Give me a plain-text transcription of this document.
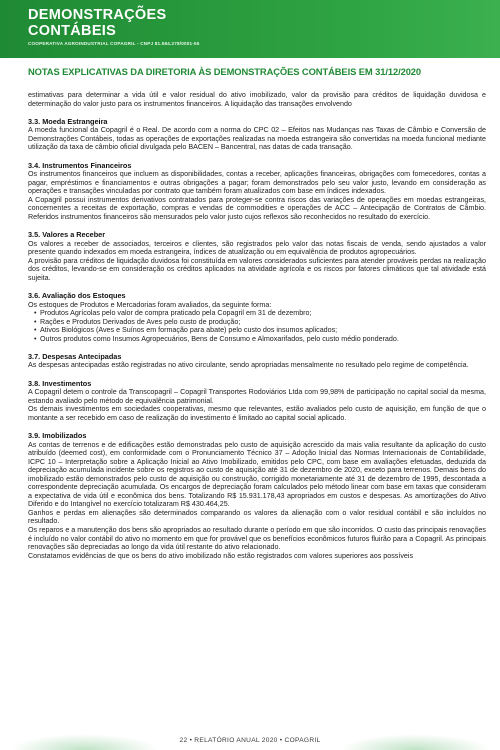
DEMONSTRAÇÕES
CONTÁBEIS
COOPERATIVA AGROINDUSTRIAL COPAGRIL - CNPJ 81.584.278/0001-55
NOTAS EXPLICATIVAS DA DIRETORIA ÀS DEMONSTRAÇÕES CONTÁBEIS EM 31/12/2020

estimativas para determinar a vida útil e valor residual do ativo imobilizado, valor da provisão para créditos de liquidação duvidosa e determinação do valor justo para os instrumentos financeiros. A liquidação das transações envolvendo

3.3. Moeda Estrangeira

A moeda funcional da Copagril é o Real. De acordo com a norma do CPC 02 – Efeitos nas Mudanças nas Taxas de Câmbio e Conversão de Demonstrações Contábeis, todas as operações de exportações realizadas na moeda estrangeira são convertidas na moeda funcional mediante utilização da taxa de câmbio oficial divulgada pelo BACEN – Bancentral, nas datas de cada transação.

3.4. Instrumentos Financeiros

Os instrumentos financeiros que incluem as disponibilidades, contas a receber, aplicações financeiras, obrigações com fornecedores, contas a pagar, empréstimos e financiamentos e outras obrigações a pagar; foram demonstrados pelo seu valor justo, levando em consideração as operações e transações vinculadas por contrato que também foram atualizados com base em índices indexados.

A Copagril possui instrumentos derivativos contratados para proteger-se contra riscos das variações de operações em moedas estrangeiras, concernentes a receitas de exportação, compras e vendas de commodities e operações de ACC – Antecipação de Contratos de Câmbio. Referidos instrumentos financeiros são mensurados pelo valor justo cujos reflexos são reconhecidos no resultado do exercício.

3.5. Valores a Receber

Os valores a receber de associados, terceiros e clientes, são registrados pelo valor das notas fiscais de venda, sendo ajustados a valor presente quando indexados em moeda estrangeira, índices de atualização ou em equivalência de produtos agropecuários.

A provisão para créditos de liquidação duvidosa foi constituída em valores considerados suficientes para atender prováveis perdas na realização dos créditos, levando-se em consideração os créditos aplicados na atividade agrícola e os riscos por fatores climáticos que tal atividade está sujeita.

3.6. Avaliação dos Estoques

Os estoques de Produtos e Mercadorias foram avaliados, da seguinte forma:

• Produtos Agrícolas pelo valor de compra praticado pela Copagril em 31 de dezembro;
• Rações e Produtos Derivados de Aves pelo custo de produção;
• Ativos Biológicos (Aves e Suínos em formação para abate) pelo custo dos insumos aplicados;
• Outros produtos como Insumos Agropecuários, Bens de Consumo e Almoxarifados, pelo custo médio ponderado.
3.7. Despesas Antecipadas

As despesas antecipadas estão registradas no ativo circulante, sendo apropriadas mensalmente no resultado pelo regime de competência.

3.8. Investimentos

A Copagril detem o controle da Transcopagril – Copagril Transportes Rodoviários Ltda com 99,98% de participação no capital social da mesma, estando avaliado pelo método de equivalência patrimonial.

Os demais investimentos em sociedades cooperativas, mesmo que relevantes, estão avaliados pelo custo de aquisição, em função de que o montante a ser recebido em caso de realização do investimento é limitado ao capital social aplicado.

3.9. Imobilizados

As contas de terrenos e de edificações estão demonstradas pelo custo de aquisição acrescido da mais valia resultante da aplicação do custo atribuído (deemed cost), em conformidade com o Pronunciamento Técnico 37 – Adoção Inicial das Normas Internacionais de Contabilidade, ICPC 10 – Interpretação sobre a Aplicação Inicial ao Ativo Imobilizado, emitidos pelo CPC, com base em avaliações efetuadas, deduzida da depreciação acumulada incidente sobre os registros ao custo de aquisição até 31 de dezembro de 2020, exceto para terrenos. Demais bens do imobilizado estão demonstrados pelo custo de aquisição ou construção, corrigido monetariamente até 31 de dezembro de 1995, descontada a correspondente depreciação acumulada. Os encargos de depreciação foram calculados pelo método linear com base em taxas que consideram a expectativa de vida útil e econômica dos bens. Totalizando R$ 15.931.178,43 apropriados em custos e despesas. As amortizações do Ativo Diferido e do Intangível no exercício totalizaram R$ 430.464,25.

Ganhos e perdas em alienações são determinados comparando os valores da alienação com o valor residual contábil e são incluídos no resultado.

Os reparos e a manutenção dos bens são apropriados ao resultado durante o período em que são incorridos. O custo das principais renovações é incluído no valor contábil do ativo no momento em que for provável que os benefícios econômicos futuros fluirão para a Copagril. As principais renovações são depreciadas ao longo da vida útil restante do ativo relacionado.

Constatamos evidências de que os bens do ativo imobilizado não estão registrados com valores superiores aos possíveis

22 • RELATÓRIO ANUAL 2020 • COPAGRIL
